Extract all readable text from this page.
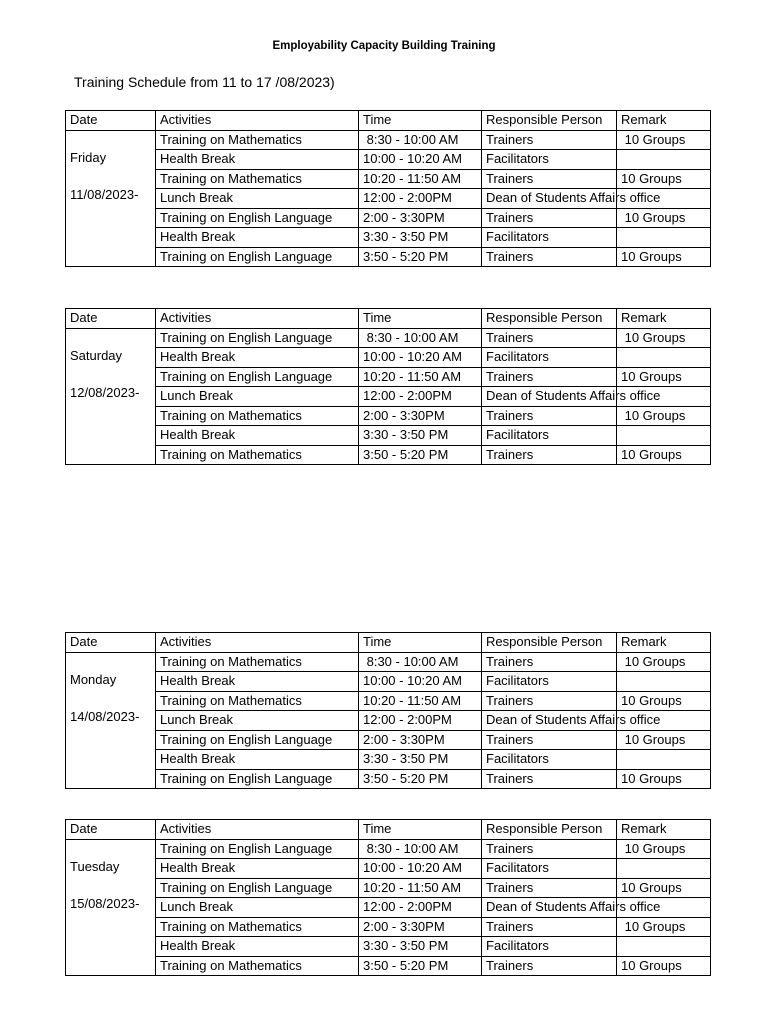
Employability Capacity Building Training
Training Schedule from 11 to 17 /08/2023)
Date	Activities	Time	Responsible Person	Remark

Friday
11/08/2023-	Training on Mathematics	8:30 - 10:00 AM	Trainers	10 Groups
	Health Break	10:00 - 10:20 AM	Facilitators	
	Training on Mathematics	10:20 - 11:50 AM	Trainers	10 Groups
	Lunch Break	12:00 - 2:00PM	Dean of Students Affairs office	
	Training on English Language	2:00 - 3:30PM	Trainers	10 Groups
	Health Break	3:30 - 3:50 PM	Facilitators	
	Training on English Language	3:50 - 5:20 PM	Trainers	10 Groups
Date	Activities	Time	Responsible Person	Remark

Saturday
12/08/2023-	Training on English Language	8:30 - 10:00 AM	Trainers	10 Groups
	Health Break	10:00 - 10:20 AM	Facilitators	
	Training on English Language	10:20 - 11:50 AM	Trainers	10 Groups
	Lunch Break	12:00 - 2:00PM	Dean of Students Affairs office	
	Training on Mathematics	2:00 - 3:30PM	Trainers	10 Groups
	Health Break	3:30 - 3:50 PM	Facilitators	
	Training on Mathematics	3:50 - 5:20 PM	Trainers	10 Groups
Date	Activities	Time	Responsible Person	Remark

Monday
14/08/2023-	Training on Mathematics	8:30 - 10:00 AM	Trainers	10 Groups
	Health Break	10:00 - 10:20 AM	Facilitators	
	Training on Mathematics	10:20 - 11:50 AM	Trainers	10 Groups
	Lunch Break	12:00 - 2:00PM	Dean of Students Affairs office	
	Training on English Language	2:00 - 3:30PM	Trainers	10 Groups
	Health Break	3:30 - 3:50 PM	Facilitators	
	Training on English Language	3:50 - 5:20 PM	Trainers	10 Groups
Date	Activities	Time	Responsible Person	Remark

Tuesday
15/08/2023-	Training on English Language	8:30 - 10:00 AM	Trainers	10 Groups
	Health Break	10:00 - 10:20 AM	Facilitators	
	Training on English Language	10:20 - 11:50 AM	Trainers	10 Groups
	Lunch Break	12:00 - 2:00PM	Dean of Students Affairs office	
	Training on Mathematics	2:00 - 3:30PM	Trainers	10 Groups
	Health Break	3:30 - 3:50 PM	Facilitators	
	Training on Mathematics	3:50 - 5:20 PM	Trainers	10 Groups
